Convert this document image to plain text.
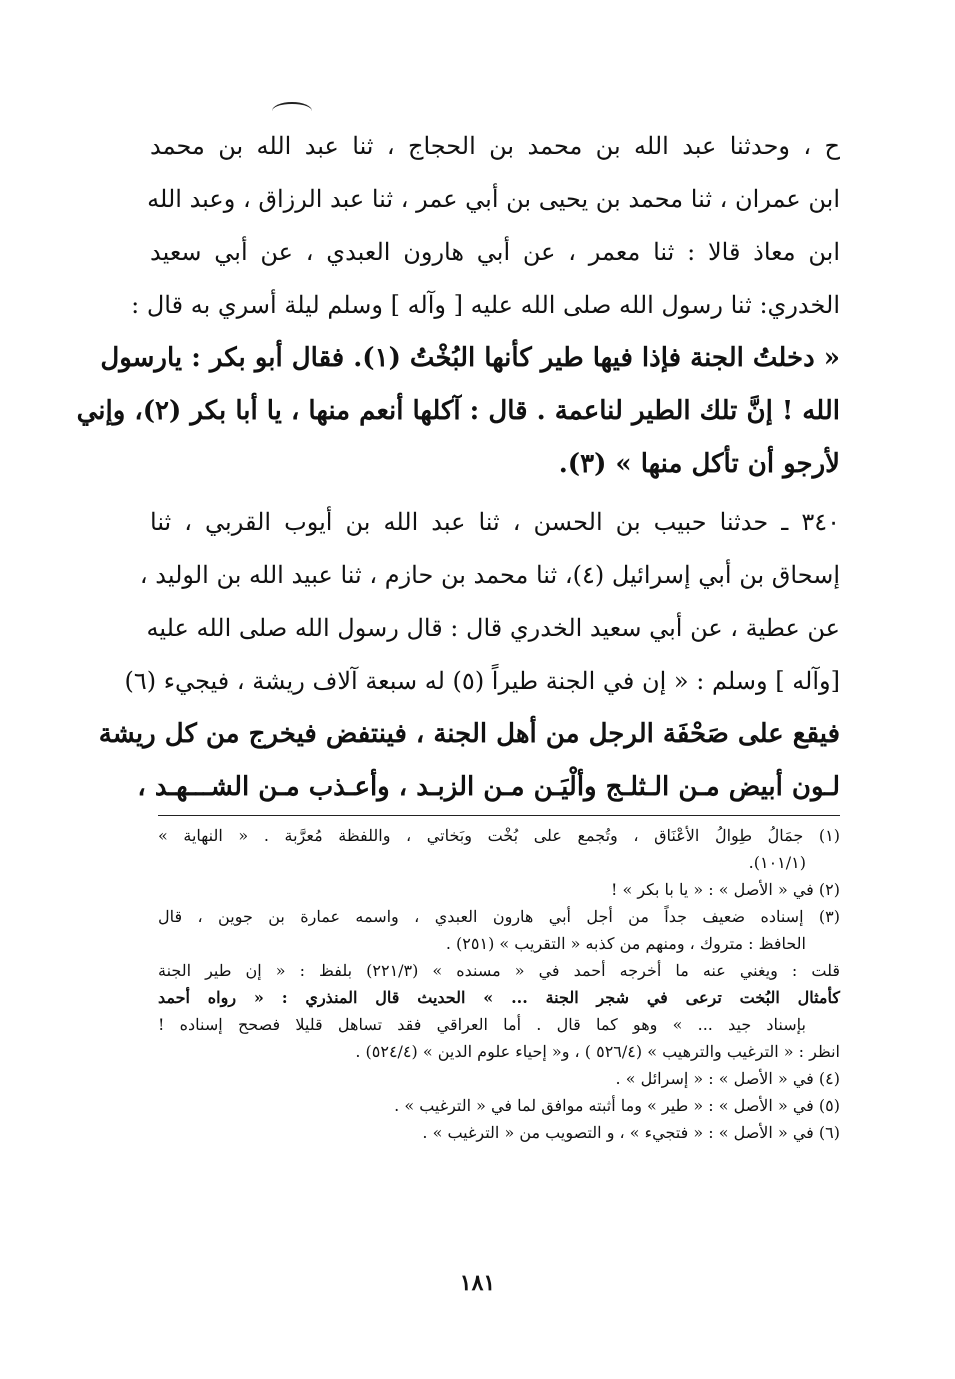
ح ، وحدثنا عبد الله بن محمد بن الحجاج ، ثنا عبد الله بن محمد
ابن عمران ، ثنا محمد بن يحيى بن أبي عمر ، ثنا عبد الرزاق ، وعبد الله
ابن معاذ قالا : ثنا معمر ، عن أبي هارون العبدي ، عن أبي سعيد
الخدري: ثنا رسول الله صلى الله عليه [ وآله ] وسلم ليلة أسري به قال :
« دخلتُ الجنة فإذا فيها طير كأنها البُخْتُ (١). فقال أبو بكر : يارسول
الله ! إنَّ تلك الطير لناعمة . قال : آكلها أنعم منها ، يا أبا بكر (٢)، وإني
لأرجو أن تأكل منها » (٣).
٣٤٠ ـ حدثنا حبيب بن الحسن ، ثنا عبد الله بن أيوب القربي ، ثنا
إسحاق بن أبي إسرائيل (٤)، ثنا محمد بن حازم ، ثنا عبيد الله بن الوليد ،
عن عطية ، عن أبي سعيد الخدري قال : قال رسول الله صلى الله عليه
[وآله ] وسلم : « إن في الجنة طيراً (٥) له سبعة آلاف ريشة ، فيجيء (٦)
فيقع على صَحْفَة الرجل من أهل الجنة ، فينتفض فيخرج من كل ريشة
لـون أبيض مـن الـثلـج وألْيَـن مـن الزبـد ، وأعـذب مـن الشـــهـد ،
(١) جمَالُ طِوالُ الأعْنَاق ، وتُجمع على بُخْت وبَخاتي ، واللفظة مُعرَّبة . « النهاية »
(١٠١/١).
(٢) في « الأصل » : « يا با بكر » !
(٣) إسناده ضعيف جداً من أجل أبي هارون العبدي ، واسمه عمارة بن جوين ، قال
الحافظ : متروك ، ومنهم من كذبه « التقريب » (٢٥١) .
قلت : ويغني عنه ما أخرجه أحمد في « مسنده » (٢٢١/٣) بلفظ : « إن طير الجنة
كأمثال البُخت ترعى في شجر الجنة ... » الحديث قال المنذري : « رواه أحمد
بإسناد جيد ... » وهو كما قال . أما العراقي فقد تساهل قليلا فصحح إسناده !
انظر : « الترغيب والترهيب » (٥٢٦/٤ ) ، و« إحياء علوم الدين » (٥٢٤/٤) .
(٤) في « الأصل » : « إسرائل » .
(٥) في « الأصل » : « طير » وما أثبته موافق لما في « الترغيب » .
(٦) في « الأصل » : « فتجيء » ، و التصويب من « الترغيب » .
١٨١
